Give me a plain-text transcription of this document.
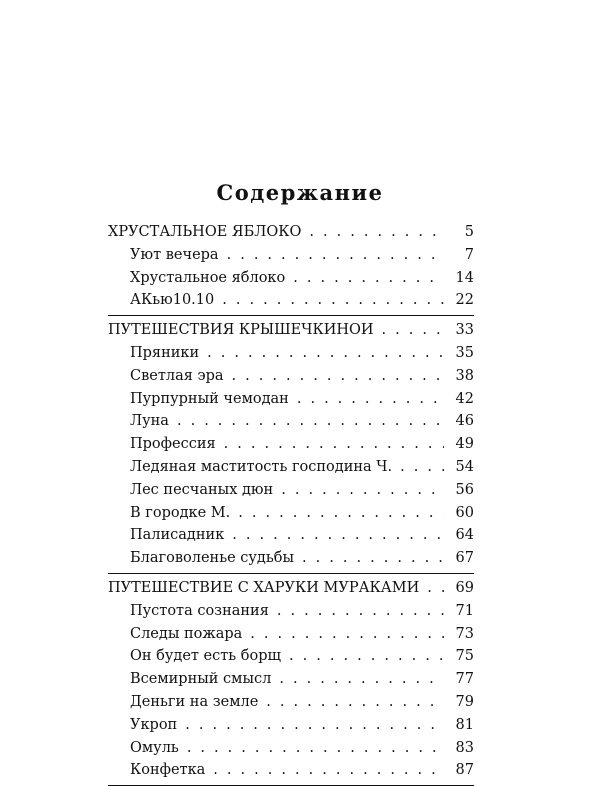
Содержание
ХРУСТАЛЬНОЕ ЯБЛОКО . . .	5
Уют вечера . . .	7
Хрустальное яблоко . . .	14
АКью10.10 . . .	22
ПУТЕШЕСТВИЯ КРЫШЕЧКИНОЙ . . .	33
Пряники . . .	35
Светлая эра . . .	38
Пурпурный чемодан . . .	42
Луна . . .	46
Профессия . . .	49
Ледяная маститость господина Ч. . . .	54
Лес песчаных дюн . . .	56
В городке М. . . .	60
Палисадник . . .	64
Благоволенье судьбы . . .	67
ПУТЕШЕСТВИЕ С ХАРУКИ МУРАКАМИ . . .	69
Пустота сознания . . .	71
Следы пожара . . .	73
Он будет есть борщ . . .	75
Всемирный смысл . . .	77
Деньги на земле . . .	79
Укроп . . .	81
Омуль . . .	83
Конфетка . . .	87
